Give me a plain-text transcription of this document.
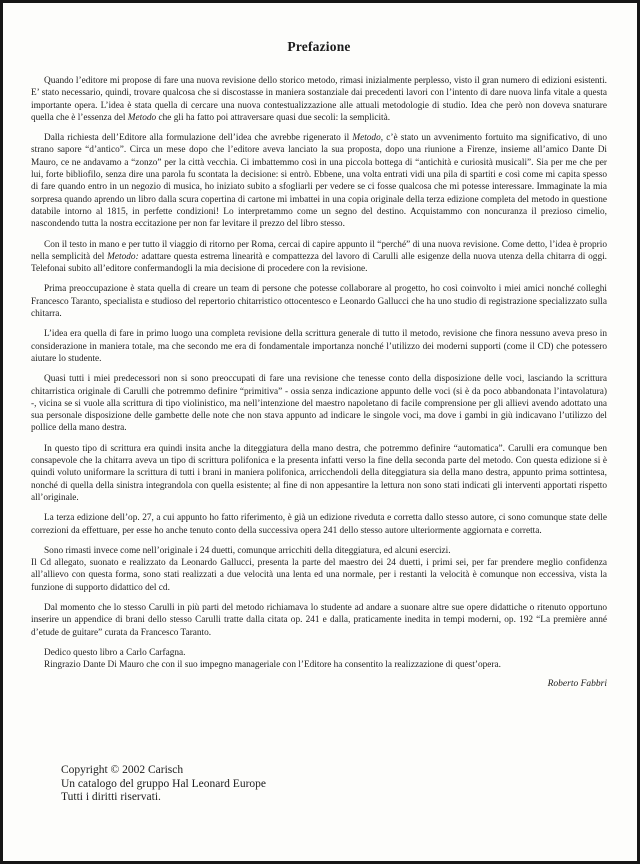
Prefazione

Quando l’editore mi propose di fare una nuova revisione dello storico metodo, rimasi inizialmente perplesso, visto il gran numero di edizioni esistenti. E’ stato necessario, quindi, trovare qualcosa che si discostasse in maniera sostanziale dai precedenti lavori con l’intento di dare nuova linfa vitale a questa importante opera. L’idea è stata quella di cercare una nuova contestualizzazione alle attuali metodologie di studio. Idea che però non doveva snaturare quella che è l’essenza del Metodo che gli ha fatto poi attraversare quasi due secoli: la semplicità.

Dalla richiesta dell’Editore alla formulazione dell’idea che avrebbe rigenerato il Metodo, c’è stato un avvenimento fortuito ma significativo, di uno strano sapore “d’antico”. Circa un mese dopo che l’editore aveva lanciato la sua proposta, dopo una riunione a Firenze, insieme all’amico Dante Di Mauro, ce ne andavamo a “zonzo” per la città vecchia. Ci imbattemmo così in una piccola bottega di “antichità e curiosità musicali”. Sia per me che per lui, forte bibliofilo, senza dire una parola fu scontata la decisione: si entrò. Ebbene, una volta entrati vidi una pila di spartiti e così come mi capita spesso di fare quando entro in un negozio di musica, ho iniziato subito a sfogliarli per vedere se ci fosse qualcosa che mi potesse interessare. Immaginate la mia sorpresa quando aprendo un libro dalla scura copertina di cartone mi imbattei in una copia originale della terza edizione completa del metodo in questione databile intorno al 1815, in perfette condizioni! Lo interpretammo come un segno del destino. Acquistammo con noncuranza il prezioso cimelio, nascondendo tutta la nostra eccitazione per non far levitare il prezzo del libro stesso.

Con il testo in mano e per tutto il viaggio di ritorno per Roma, cercai di capire appunto il “perché” di una nuova revisione. Come detto, l’idea è proprio nella semplicità del Metodo: adattare questa estrema linearità e compattezza del lavoro di Carulli alle esigenze della nuova utenza della chitarra di oggi. Telefonai subito all’editore confermandogli la mia decisione di procedere con la revisione.

Prima preoccupazione è stata quella di creare un team di persone che potesse collaborare al progetto, ho così coinvolto i miei amici nonché colleghi Francesco Taranto, specialista e studioso del repertorio chitarristico ottocentesco e Leonardo Gallucci che ha uno studio di registrazione specializzato sulla chitarra.

L’idea era quella di fare in primo luogo una completa revisione della scrittura generale di tutto il metodo, revisione che finora nessuno aveva preso in considerazione in maniera totale, ma che secondo me era di fondamentale importanza nonché l’utilizzo dei moderni supporti (come il CD) che potessero aiutare lo studente.

Quasi tutti i miei predecessori non si sono preoccupati di fare una revisione che tenesse conto della disposizione delle voci, lasciando la scrittura chitarristica originale di Carulli che potremmo definire “primitiva” - ossia senza indicazione appunto delle voci (si è da poco abbandonata l’intavolatura) -, vicina se si vuole alla scrittura di tipo violinistico, ma nell’intenzione del maestro napoletano di facile comprensione per gli allievi avendo adottato una sua personale disposizione delle gambette delle note che non stava appunto ad indicare le singole voci, ma dove i gambi in giù indicavano l’utilizzo del pollice della mano destra.

In questo tipo di scrittura era quindi insita anche la diteggiatura della mano destra, che potremmo definire “automatica”. Carulli era comunque ben consapevole che la chitarra aveva un tipo di scrittura polifonica e la presenta infatti verso la fine della seconda parte del metodo. Con questa edizione si è quindi voluto uniformare la scrittura di tutti i brani in maniera polifonica, arricchendoli della diteggiatura sia della mano destra, appunto prima sottintesa, nonché di quella della sinistra integrandola con quella esistente; al fine di non appesantire la lettura non sono stati indicati gli interventi apportati rispetto all’originale.

La terza edizione dell’op. 27, a cui appunto ho fatto riferimento, è già un edizione riveduta e corretta dallo stesso autore, ci sono comunque state delle correzioni da effettuare, per esse ho anche tenuto conto della successiva opera 241 dello stesso autore ulteriormente aggiornata e corretta.

Sono rimasti invece come nell’originale i 24 duetti, comunque arricchiti della diteggiatura, ed alcuni esercizi.

Il Cd allegato, suonato e realizzato da Leonardo Gallucci, presenta la parte del maestro dei 24 duetti, i primi sei, per far prendere meglio confidenza all’allievo con questa forma, sono stati realizzati a due velocità una lenta ed una normale, per i restanti la velocità è comunque non eccessiva, vista la funzione di supporto didattico del cd.

Dal momento che lo stesso Carulli in più parti del metodo richiamava lo studente ad andare a suonare altre sue opere didattiche o ritenuto opportuno inserire un appendice di brani dello stesso Carulli tratte dalla citata op. 241 e dalla, praticamente inedita in tempi moderni, op. 192 “La première anné d’etude de guitare” curata da Francesco Taranto.

Dedico questo libro a Carlo Carfagna.

Ringrazio Dante Di Mauro che con il suo impegno manageriale con l’Editore ha consentito la realizzazione di quest’opera.

Roberto Fabbri
Copyright © 2002 Carisch
Un catalogo del gruppo Hal Leonard Europe
Tutti i diritti riservati.
